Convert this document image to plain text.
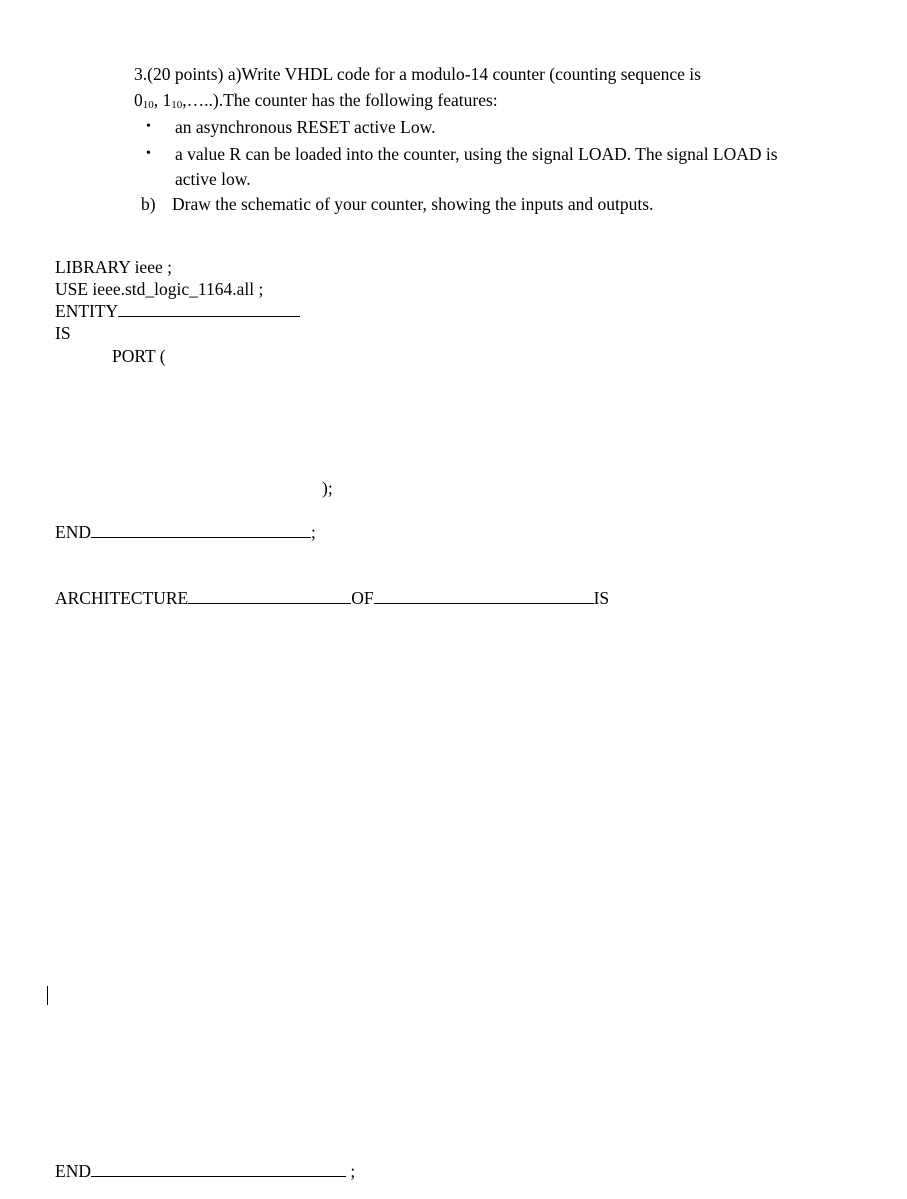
3.(20 points) a)Write VHDL code for a modulo-14 counter (counting sequence is
$0_{10}$, $1_{10},\dots..).The$ counter has the following features:
• an asynchronous RESET active Low.
• a value R can be loaded into the counter, using the signal LOAD. The signal LOAD is
active low.
b) Draw the schematic of your counter, showing the inputs and outputs.
LIBRARY ieee ;
USE ieee.std_logic_1164.all ;
ENTITY
IS
PORT (
);
END	;
ARCHITECTURE	OF	IS
END	;
